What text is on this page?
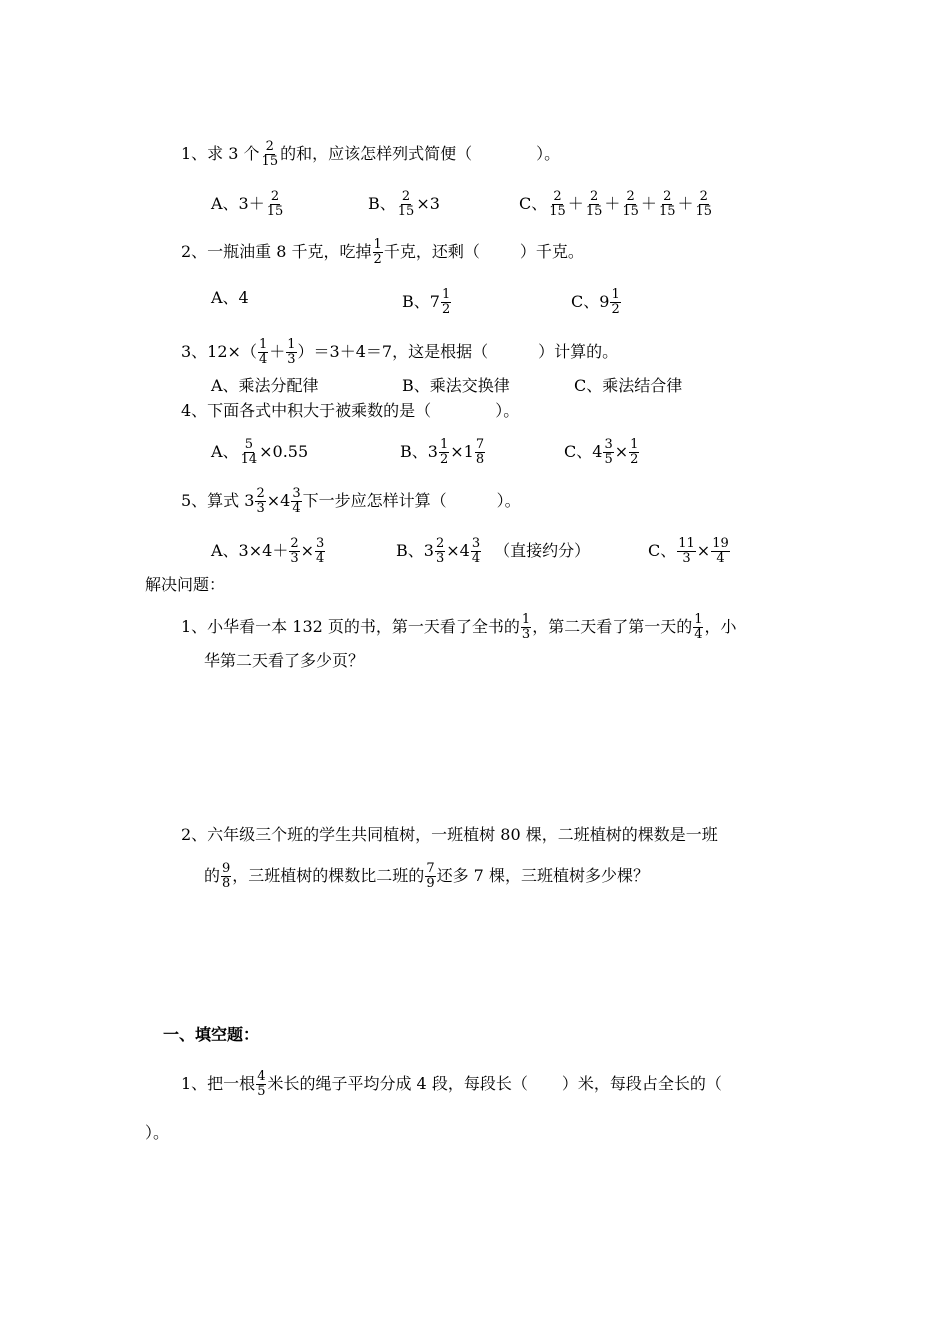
1、求 3 个 $\frac{2}{15}$ 的和，应该怎样列式简便（	）。
A、$3+ \frac{2}{15}$	B、 $\frac{2}{15} \times 3$	C、 $\frac{2}{15} + \frac{2}{15} + \frac{2}{15} + \frac{2}{15} + \frac{2}{15}$
2、一瓶油重 8 千克，吃掉 $\frac{1}{2}$ 千克，还剩（	）千克。
A、4	B、$7 \frac{1}{2}$	C、$9 \frac{1}{2}$
3、$12\times( \frac{1}{4} + \frac{1}{3} )=3+4=7$，这是根据（	）计算的。
A、乘法分配律	B、乘法交换律	C、乘法结合律
4、下面各式中积大于被乘数的是（	）。
A、 $\frac{5}{14} \times 0.55$	B、$3 \frac{1}{2} \times 1 \frac{7}{8}$	C、$4 \frac{3}{5} \times \frac{1}{2}$
5、算式 $3 \frac{2}{3} \times 4 \frac{3}{4}$ 下一步应怎样计算（	）。
A、$3\times 4+ \frac{2}{3} \times \frac{3}{4}$	B、$3 \frac{2}{3} \times 4 \frac{3}{4}$ （直接约分）	C、 $\frac{11}{3} \times \frac{19}{4}$
解决问题：
1、小华看一本 132 页的书，第一天看了全书的 $\frac{1}{3}$ ，第二天看了第一天的 $\frac{1}{4}$ ，小
华第二天看了多少页？
2、六年级三个班的学生共同植树，一班植树 80 棵，二班植树的棵数是一班
的 $\frac{9}{8}$ ，三班植树的棵数比二班的 $\frac{7}{9}$ 还多 7 棵，三班植树多少棵？
一、填空题：
1、把一根 $\frac{4}{5}$ 米长的绳子平均分成 4 段，每段长（ ）米，每段占全长的（
）。
